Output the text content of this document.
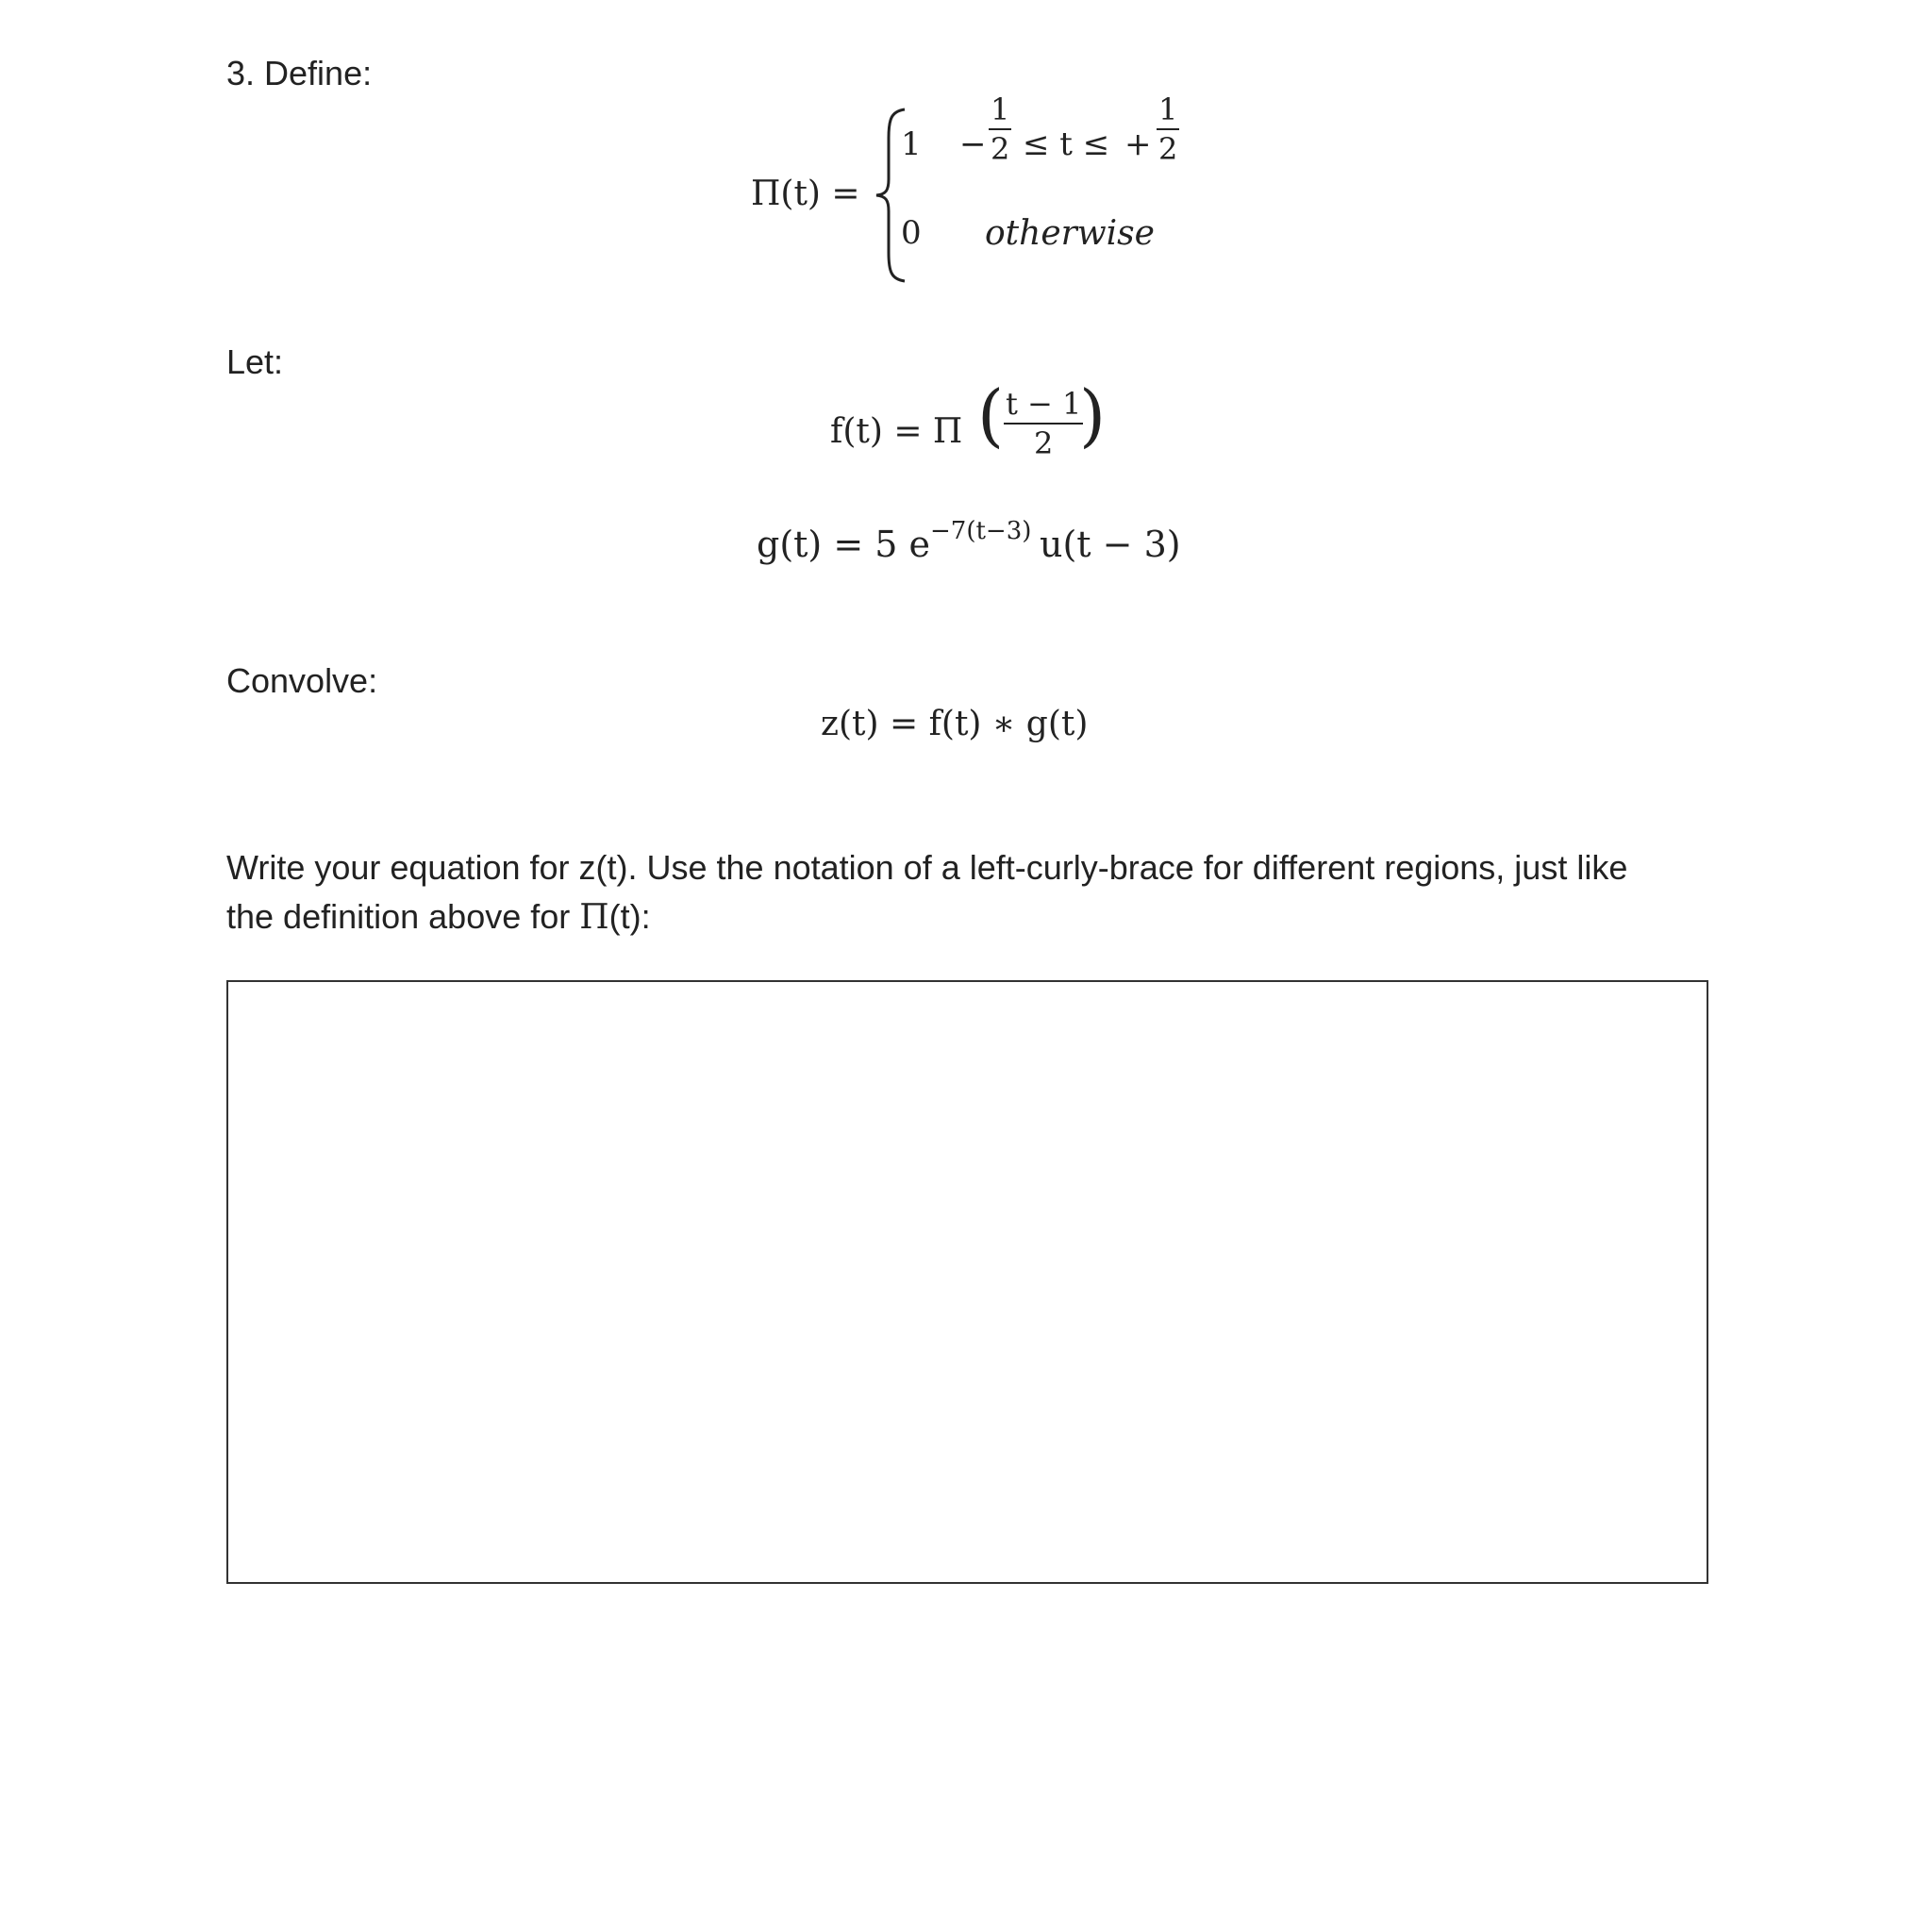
3. Define:
Let:
Convolve:
Π(t) =
1 −
1
2 ≤ t ≤ +
1
2
0 otherwise
f(t) = Π ( t − 1
2 )
g(t) = 5 e −7(t−3) u(t − 3)
z(t) = f(t) ∗ g(t)
Write your equation for z(t). Use the notation of a left-curly-brace for different regions, just like
the definition above for Π(t):
